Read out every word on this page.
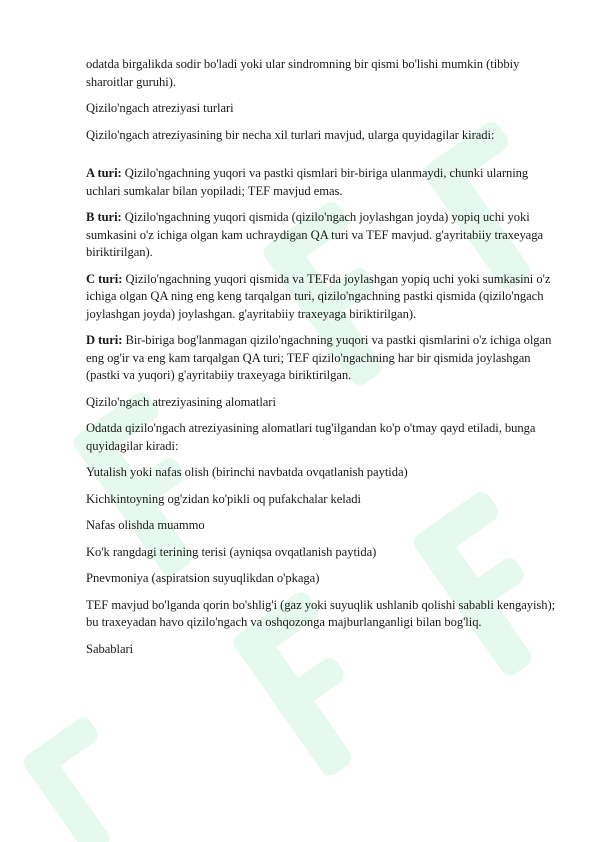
odatda birgalikda sodir bo'ladi yoki ular sindromning bir qismi bo'lishi mumkin (tibbiy sharoitlar guruhi).

Qizilo'ngach atreziyasi turlari

Qizilo'ngach atreziyasining bir necha xil turlari mavjud, ularga quyidagilar kiradi:

A turi: Qizilo'ngachning yuqori va pastki qismlari bir-biriga ulanmaydi, chunki ularning uchlari sumkalar bilan yopiladi; TEF mavjud emas.

B turi: Qizilo'ngachning yuqori qismida (qizilo'ngach joylashgan joyda) yopiq uchi yoki sumkasini o'z ichiga olgan kam uchraydigan QA turi va TEF mavjud. g'ayritabiiy traxeyaga biriktirilgan).

C turi: Qizilo'ngachning yuqori qismida va TEFda joylashgan yopiq uchi yoki sumkasini o'z ichiga olgan QA ning eng keng tarqalgan turi, qizilo'ngachning pastki qismida (qizilo'ngach joylashgan joyda) joylashgan. g'ayritabiiy traxeyaga biriktirilgan).

D turi: Bir-biriga bog'lanmagan qizilo'ngachning yuqori va pastki qismlarini o'z ichiga olgan eng og'ir va eng kam tarqalgan QA turi; TEF qizilo'ngachning har bir qismida joylashgan (pastki va yuqori) g'ayritabiiy traxeyaga biriktirilgan.

Qizilo'ngach atreziyasining alomatlari

Odatda qizilo'ngach atreziyasining alomatlari tug'ilgandan ko'p o'tmay qayd etiladi, bunga quyidagilar kiradi:

Yutalish yoki nafas olish (birinchi navbatda ovqatlanish paytida)

Kichkintoyning og'zidan ko'pikli oq pufakchalar keladi

Nafas olishda muammo

Ko'k rangdagi terining terisi (ayniqsa ovqatlanish paytida)

Pnevmoniya (aspiratsion suyuqlikdan o'pkaga)

TEF mavjud bo'lganda qorin bo'shlig'i (gaz yoki suyuqlik ushlanib qolishi sababli kengayish); bu traxeyadan havo qizilo'ngach va oshqozonga majburlanganligi bilan bog'liq.

Sabablari
